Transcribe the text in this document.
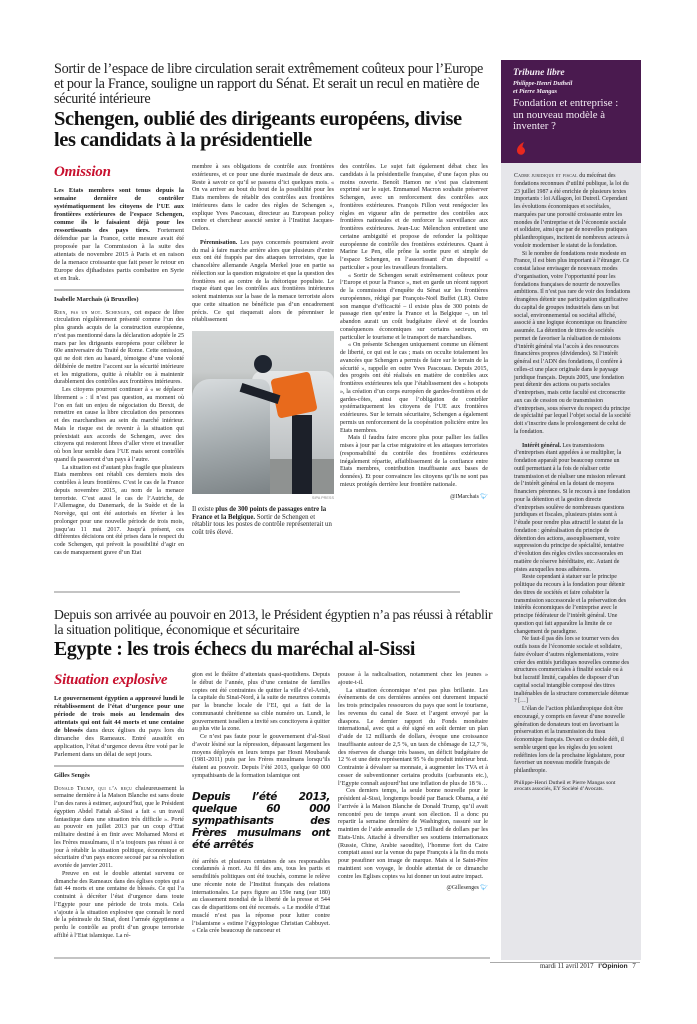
Sortir de l’espace de libre circulation serait extrêmement coûteux pour l’Europe et pour la France, souligne un rapport du Sénat. Et serait un recul en matière de sécurité intérieure
Schengen, oublié des dirigeants européens, divise les candidats à la présidentielle
Omission
Les Etats membres sont tenus depuis la semaine dernière de contrôler systématiquement les citoyens de l’UE aux frontières extérieures de l’espace Schengen, comme ils le faisaient déjà pour les ressortissants des pays tiers. Fortement défendue par la France, cette mesure avait été proposée par la Commission à la suite des attentats de novembre 2015 à Paris et en raison de la menace croissante que fait peser le retour en Europe des djihadistes partis combattre en Syrie et en Irak.
Isabelle Marchais (à Bruxelles)

Rien, pas un mot. Schengen, cet espace de libre circulation régulièrement présenté comme l’un des plus grands acquis de la construction européenne, n’est pas mentionné dans la déclaration adoptée le 25 mars par les dirigeants européens pour célébrer le 60e anniversaire du Traité de Rome. Cette omission, qui ne doit rien au hasard, témoigne d’une volonté délibérée de mettre l’accent sur la sécurité intérieure et les migrations, quitte à rétablir ou à maintenir durablement des contrôles aux frontières intérieures.

Les citoyens pourront continuer à « se déplacer librement » : il n’est pas question, au moment où l’on en fait un enjeu de négociation du Brexit, de remettre en cause la libre circulation des personnes et des marchandises au sein du marché intérieur. Mais le risque est de revenir à la situation qui préexistait aux accords de Schengen, avec des citoyens qui resteront libres d’aller vivre et travailler où bon leur semble dans l’UE mais seront contrôlés quand ils passeront d’un pays à l’autre.

La situation est d’autant plus fragile que plusieurs Etats membres ont rétabli ces derniers mois des contrôles à leurs frontières. C’est le cas de la France depuis novembre 2015, au nom de la menace terroriste. C’est aussi le cas de l’Autriche, de l’Allemagne, du Danemark, de la Suède et de la Norvège, qui ont été autorisés en février à les prolonger pour une nouvelle période de trois mois, jusqu’au 11 mai 2017. Jusqu’à présent, ces différentes décisions ont été prises dans le respect du code Schengen, qui prévoit la possibilité d’agir en cas de manquement grave d’un Etat

membre à ses obligations de contrôle aux frontières extérieures, et ce pour une durée maximale de deux ans. Reste à savoir ce qu’il se passera d’ici quelques mois. « On va arriver au bout du bout de la possibilité pour les Etats membres de rétablir des contrôles aux frontières intérieures dans le cadre des règles de Schengen », explique Yves Pascouau, directeur au European policy centre et chercheur associé senior à l’Institut Jacques-Delors.

Pérennisation. Les pays concernés pourraient avoir du mal à faire marche arrière alors que plusieurs d’entre eux ont été frappés par des attaques terroristes, que la chancelière allemande Angela Merkel joue en partie sa réélection sur la question migratoire et que la question des frontières est au centre de la rhétorique populiste. Le risque étant que les contrôles aux frontières intérieures soient maintenus sur la base de la menace terroriste alors que cette situation ne bénéficie pas d’un encadrement précis. Ce qui risquerait alors de pérenniser le rétablissement

SIPA PRESS
Il existe plus de 300 points de passages entre la France et la Belgique. Sortir de Schengen et rétablir tous les postes de contrôle représenterait un coût très élevé.

des contrôles. Le sujet fait également débat chez les candidats à la présidentielle française, d’une façon plus ou moins ouverte. Benoît Hamon ne s’est pas clairement exprimé sur le sujet. Emmanuel Macron souhaite préserver Schengen, avec un renforcement des contrôles aux frontières extérieures. François Fillon veut renégocier les règles en vigueur afin de permettre des contrôles aux frontières nationales et de renforcer la surveillance aux frontières extérieures. Jean-Luc Mélenchon entretient une certaine ambiguïté et propose de refonder la politique européenne de contrôle des frontières extérieures. Quant à Marine Le Pen, elle prône la sortie pure et simple de l’espace Schengen, en l’assortissant d’un dispositif « particulier » pour les travailleurs frontaliers.

« Sortir de Schengen serait extrêmement coûteux pour l’Europe et pour la France », met en garde un récent rapport de la commission d’enquête du Sénat sur les frontières européennes, rédigé par François-Noël Buffet (LR). Outre son manque d’efficacité – il existe plus de 300 points de passage rien qu’entre la France et la Belgique –, un tel abandon aurait un coût budgétaire élevé et de lourdes conséquences économiques sur certains secteurs, en particulier le tourisme et le transport de marchandises.

« On présente Schengen uniquement comme un élément de liberté, ce qui est le cas ; mais on occulte totalement les avancées que Schengen a permis de faire sur le terrain de la sécurité », rappelle en outre Yves Pascouau. Depuis 2015, des progrès ont été réalisés en matière de contrôles aux frontières extérieures tels que l’établissement des « hotspots », la création d’un corps européen de gardes-frontières et de gardes-côtes, ainsi que l’obligation de contrôler systématiquement les citoyens de l’UE aux frontières extérieures. Sur le terrain sécuritaire, Schengen a également permis un renforcement de la coopération policière entre les Etats membres.

Mais il faudra faire encore plus pour pallier les failles mises à jour par la crise migratoire et les attaques terroristes (responsabilité du contrôle des frontières extérieures inégalement répartie, affaiblissement de la confiance entre Etats membres, contribution insuffisante aux bases de données). Et pour convaincre les citoyens qu’ils ne sont pas mieux protégés derrière leur frontière nationale.

@IMarchais 🐦︎
Tribune libre
Philippe-Henri Dutheil
et Pierre Mangas
Fondation et entreprise : un nouveau modèle à inventer ?

Cadre juridique et fiscal du mécénat des fondations reconnues d’utilité publique, la loi du 23 juillet 1987 a été enrichie de plusieurs textes importants : loi Aillagon, loi Dutreil. Cependant les évolutions économiques et sociétales, marquées par une porosité croissante entre les mondes de l’entreprise et de l’économie sociale et solidaire, ainsi que par de nouvelles pratiques philanthropiques, incitent de nombreux acteurs à vouloir moderniser le statut de la fondation.

Si le nombre de fondations reste modeste en France, il est bien plus important à l’étranger. Ce constat laisse envisager de nouveaux modes d’organisation, voire l’opportunité pour les fondations françaises de nourrir de nouvelles ambitions. Il n’est pas rare de voir des fondations étrangères détenir une participation significative du capital de groupes industriels dans un but social, environnemental ou sociétal affiché, associé à une logique économique ou financière assumée. La détention de titres de sociétés permet de favoriser la réalisation de missions d’intérêt général via l’accès à des ressources financières propres (dividendes). Si l’intérêt général est l’ADN des fondations, il confère à celles-ci une place originale dans le paysage juridique français. Depuis 2005, une fondation peut détenir des actions ou parts sociales d’entreprises, mais cette faculté est circonscrite aux cas de cession ou de transmission d’entreprises, sous réserve du respect du principe de spécialité par lequel l’objet social de la société doit s’inscrire dans le prolongement de celui de la fondation.

Intérêt général. Les transmissions d’entreprises étant appelées à se multiplier, la fondation apparaît pour beaucoup comme un outil permettant à la fois de réaliser cette transmission et de réaliser une mission relevant de l’intérêt général en la dotant de moyens financiers pérennes. Si le recours à une fondation pour la détention et la gestion directe d’entreprises soulève de nombreuses questions juridiques et fiscales, plusieurs pistes sont à l’étude pour rendre plus attractif le statut de la fondation : généralisation du principe de détention des actions, assouplissement, voire suppression du principe de spécialité, tentative d’évolution des règles civiles successorales en matière de réserve héréditaire, etc. Autant de pistes auxquelles nous adhérons.

Reste cependant à statuer sur le principe politique du recours à la fondation pour détenir des titres de sociétés et faire cohabiter la transmission successorale et la préservation des intérêts économiques de l’entreprise avec le principe fédérateur de l’intérêt général. Une question qui fait apparaître la limite de ce changement de paradigme.

Ne faut-il pas dès lors se tourner vers des outils issus de l’économie sociale et solidaire, faire évoluer d’autres réglementations, voire créer des entités juridiques nouvelles comme des structures commerciales à finalité sociale ou à but lucratif limité, capables de disposer d’un capital social intangible composé des titres inaliénables de la structure commerciale détenue ? […]

L’élan de l’action philanthropique doit être encouragé, y compris en faveur d’une nouvelle génération de donateurs tout en favorisant la préservation et la transmission du tissu économique français. Devant ce double défi, il semble urgent que les règles du jeu soient redéfinies lors de la prochaine législature, pour favoriser un nouveau modèle français de philanthropie.

Philippe-Henri Dutheil et Pierre Mangas sont avocats associés, EY Société d’Avocats.
Depuis son arrivée au pouvoir en 2013, le Président égyptien n’a pas réussi à rétablir la situation politique, économique et sécuritaire
Egypte : les trois échecs du maréchal al-Sissi
Situation explosive
Le gouvernement égyptien a approuvé lundi le rétablissement de l’état d’urgence pour une période de trois mois au lendemain des attentats qui ont fait 44 morts et une centaine de blessés dans deux églises du pays lors du dimanche des Rameaux. Entré aussitôt en application, l’état d’urgence devra être voté par le Parlement dans un délai de sept jours.
Gilles Sengès

Donald Trump, qui l’a reçu chaleureusement la semaine dernière à la Maison Blanche est sans doute l’un des rares à estimer, aujourd’hui, que le Président égyptien Abdel Fattah al-Sissi a fait « un travail fantastique dans une situation très difficile ». Porté au pouvoir en juillet 2013 par un coup d’Etat militaire destiné à en finir avec Mohamed Morsi et les Frères musulmans, il n’a toujours pas réussi à ce jour à rétablir la situation politique, économique et sécuritaire d’un pays encore secoué par sa révolution avortée de janvier 2011.

Preuve en est le double attentat survenu ce dimanche des Rameaux dans des églises coptes qui a fait 44 morts et une centaine de blessés. Ce qui l’a contraint à décréter l’état d’urgence dans toute l’Egypte pour une période de trois mois. Cela s’ajoute à la situation explosive que connaît le nord de la péninsule du Sinaï, dont l’armée égyptienne a perdu le contrôle au profit d’un groupe terroriste affilié à l’Etat islamique. La ré-

gion est le théâtre d’attentats quasi-quotidiens. Depuis le début de l’année, plus d’une centaine de familles coptes ont été contraintes de quitter la ville d’el-Arish, la capitale du Sinaï-Nord, à la suite de meurtres commis par la branche locale de l’EI, qui a fait de la communauté chrétienne sa cible numéro un. Lundi, le gouvernement israélien a invité ses concitoyens à quitter au plus vite la zone.

Ce n’est pas faute pour le gouvernement d’al-Sissi d’avoir lésiné sur la répression, dépassant largement les moyens déployés en leurs temps par Hosni Moubarak (1981-2011) puis par les Frères musulmans lorsqu’ils étaient au pouvoir. Depuis l’été 2013, quelque 60 000 sympathisants de la formation islamique ont

Depuis l’été 2013, quelque 60 000 sympathisants des Frères musulmans ont été arrêtés

été arrêtés et plusieurs centaines de ses responsables condamnés à mort. Au fil des ans, tous les partis et sensibilités politiques ont été touchés, comme le relève une récente note de l’Institut français des relations internationales. Le pays figure au 159e rang (sur 180) au classement mondial de la liberté de la presse et 544 cas de disparitions ont été recensés. « Le modèle d’Etat musclé n’est pas la réponse pour lutter contre l’islamisme » estime l’égyptologue Christian Cabbuyet. « Cela crée beaucoup de rancoeur et

pousse à la radicalisation, notamment chez les jeunes » ajoute-t-il.

La situation économique n’est pas plus brillante. Les événements de ces dernières années ont durement impacté les trois principales ressources du pays que sont le tourisme, les revenus du canal de Suez et l’argent envoyé par la diaspora. Le dernier rapport du Fonds monétaire international, avec qui a été signé en août dernier un plan d’aide de 12 milliards de dollars, évoque une croissance insuffisante autour de 2,5 %, un taux de chômage de 12,7 %, des réserves de change très basses, un déficit budgétaire de 12 % et une dette représentant 95 % du produit intérieur brut. Contrainte à dévaluer sa monnaie, à augmenter les TVA et à cesser de subventionner certains produits (carburants etc.), l’Egypte connaît aujourd’hui une inflation de plus de 18 %…

Ces derniers temps, la seule bonne nouvelle pour le président al-Sissi, longtemps boudé par Barack Obama, a été l’arrivée à la Maison Blanche de Donald Trump, qu’il avait rencontré peu de temps avant son élection. Il a donc pu repartir la semaine dernière de Washington, rassuré sur le maintien de l’aide annuelle de 1,5 milliard de dollars par les Etats-Unis. Attaché à diversifier ses soutiens internationaux (Russie, Chine, Arabie saoudite), l’homme fort du Caire comptait aussi sur la venue du pape François à la fin du mois pour peaufiner son image de marque. Mais si le Saint-Père maintient son voyage, le double attentat de ce dimanche contre les Eglises coptes va lui donner un tout autre impact.

@Gillesenges 🐦︎
mardi 11 avril 2017 l’Opinion 7
